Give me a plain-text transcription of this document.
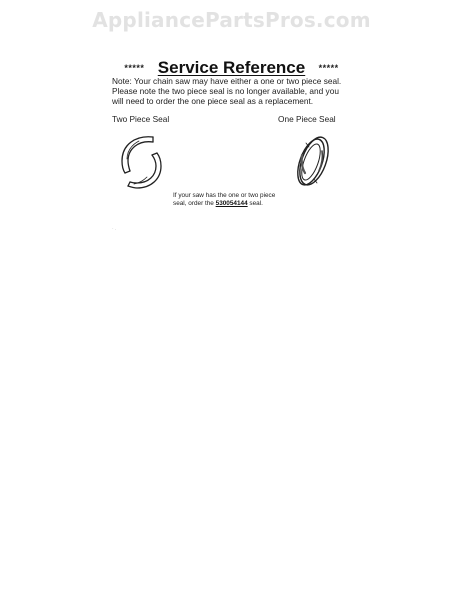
AppliancePartsPros.com
***** Service Reference *****
Note: Your chain saw may have either a one or two piece seal. Please note the two piece seal is no longer available, and you will need to order the one piece seal as a replacement.
Two Piece Seal	One Piece Seal
If your saw has the one or two piece seal, order the 530054144 seal.
· .
